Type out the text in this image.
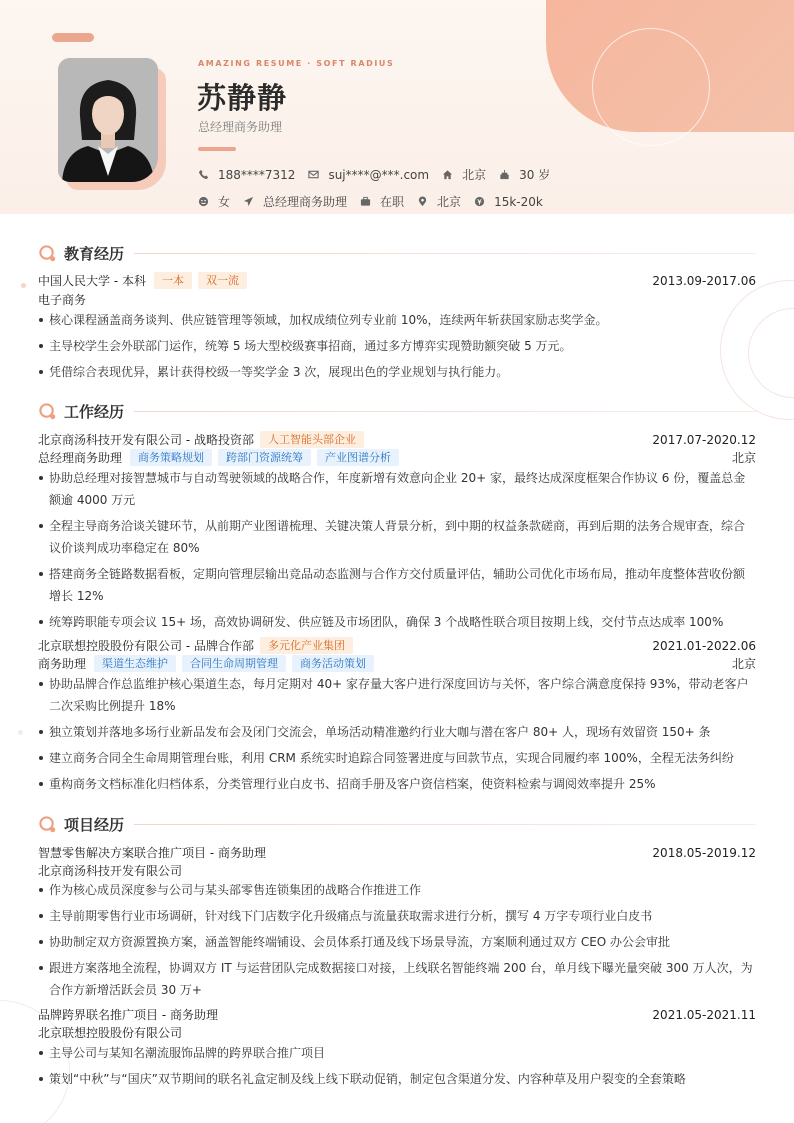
AMAZING RESUME · SOFT RADIUS
苏静静
总经理商务助理
188****7312	suj****@***.com	北京	30 岁
女	总经理商务助理	在职	北京	15k-20k
教育经历
中国人民大学 - 本科	一本	双一流	2013.09-2017.06
电子商务
核心课程涵盖商务谈判、供应链管理等领域，加权成绩位列专业前 10%，连续两年斩获国家励志奖学金。
主导校学生会外联部门运作，统筹 5 场大型校级赛事招商，通过多方博弈实现赞助额突破 5 万元。
凭借综合表现优异，累计获得校级一等奖学金 3 次，展现出色的学业规划与执行能力。
工作经历
北京商汤科技开发有限公司 - 战略投资部	人工智能头部企业	2017.07-2020.12
总经理商务助理	商务策略规划	跨部门资源统筹	产业图谱分析	北京
协助总经理对接智慧城市与自动驾驶领域的战略合作，年度新增有效意向企业 20+ 家，最终达成深度框架合作协议 6 份，覆盖总金额逾 4000 万元
全程主导商务洽谈关键环节，从前期产业图谱梳理、关键决策人背景分析，到中期的权益条款磋商，再到后期的法务合规审查，综合议价谈判成功率稳定在 80%
搭建商务全链路数据看板，定期向管理层输出竞品动态监测与合作方交付质量评估，辅助公司优化市场布局，推动年度整体营收份额增长 12%
统筹跨职能专项会议 15+ 场，高效协调研发、供应链及市场团队，确保 3 个战略性联合项目按期上线，交付节点达成率 100%
北京联想控股股份有限公司 - 品牌合作部	多元化产业集团	2021.01-2022.06
商务助理	渠道生态维护	合同生命周期管理	商务活动策划	北京
协助品牌合作总监维护核心渠道生态，每月定期对 40+ 家存量大客户进行深度回访与关怀，客户综合满意度保持 93%，带动老客户二次采购比例提升 18%
独立策划并落地多场行业新品发布会及闭门交流会，单场活动精准邀约行业大咖与潜在客户 80+ 人，现场有效留资 150+ 条
建立商务合同全生命周期管理台账，利用 CRM 系统实时追踪合同签署进度与回款节点，实现合同履约率 100%，全程无法务纠纷
重构商务文档标准化归档体系，分类管理行业白皮书、招商手册及客户资信档案，使资料检索与调阅效率提升 25%
项目经历
智慧零售解决方案联合推广项目 - 商务助理	2018.05-2019.12
北京商汤科技开发有限公司
作为核心成员深度参与公司与某头部零售连锁集团的战略合作推进工作
主导前期零售行业市场调研，针对线下门店数字化升级痛点与流量获取需求进行分析，撰写 4 万字专项行业白皮书
协助制定双方资源置换方案，涵盖智能终端铺设、会员体系打通及线下场景导流，方案顺利通过双方 CEO 办公会审批
跟进方案落地全流程，协调双方 IT 与运营团队完成数据接口对接，上线联名智能终端 200 台，单月线下曝光量突破 300 万人次，为合作方新增活跃会员 30 万+
品牌跨界联名推广项目 - 商务助理	2021.05-2021.11
北京联想控股股份有限公司
主导公司与某知名潮流服饰品牌的跨界联合推广项目
策划“中秋”与“国庆”双节期间的联名礼盒定制及线上线下联动促销，制定包含渠道分发、内容种草及用户裂变的全套策略
